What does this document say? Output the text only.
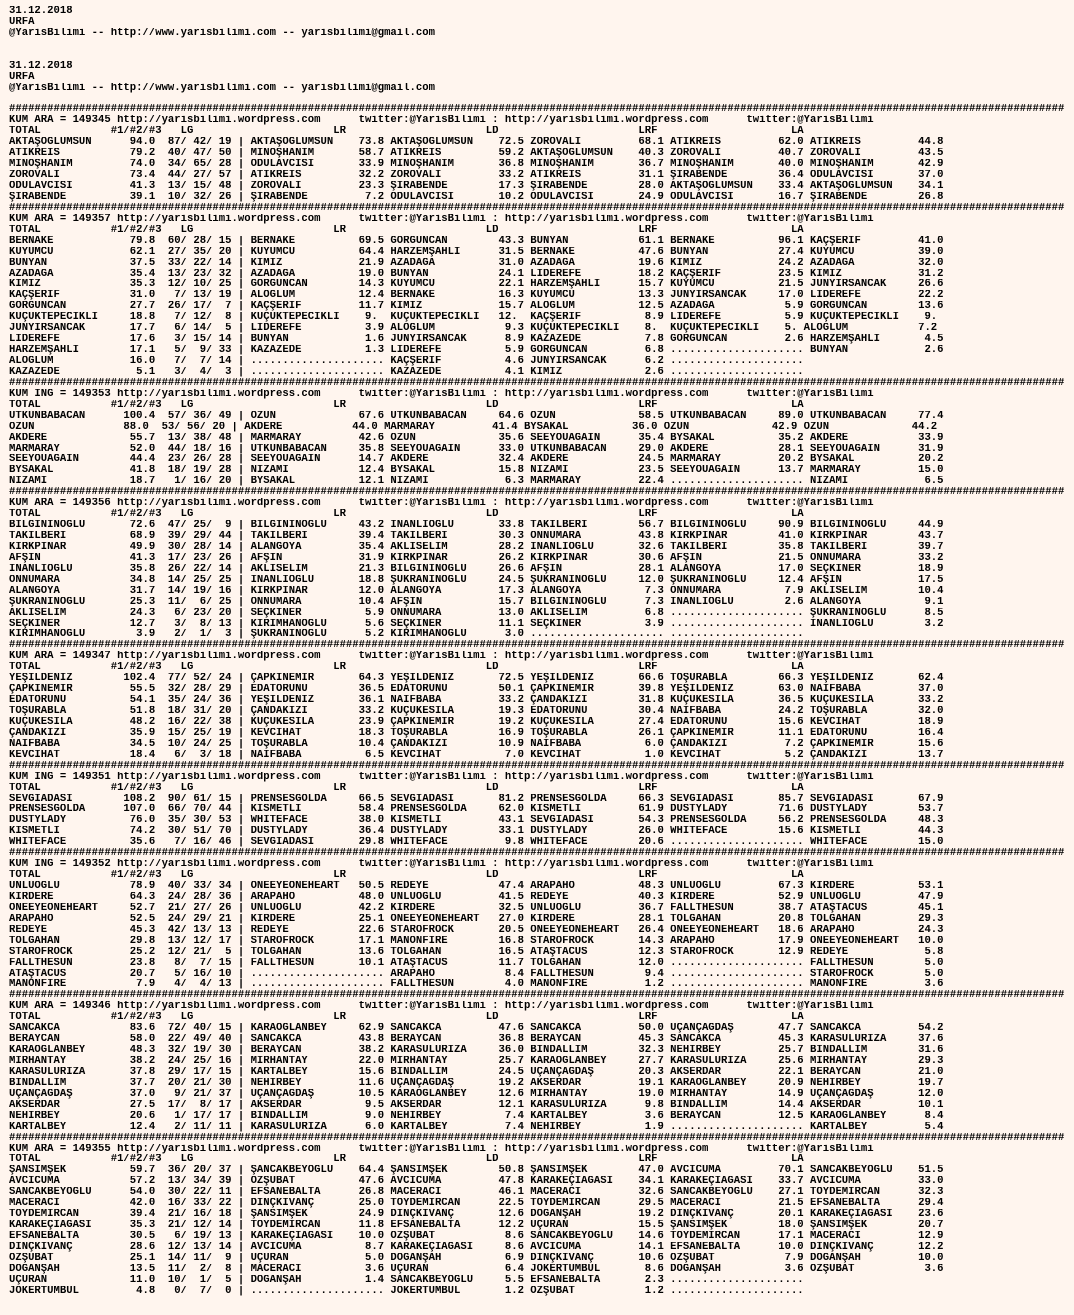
31.12.2018
URFA
@YarisBilimi -- http://www.yarisbilimi.com -- yarisbilimi@gmail.com
31.12.2018
URFA
@YarisBilimi -- http://www.yarisbilimi.com -- yarisbilimi@gmail.com
######################################################################################################################################################################
KUM ARA = 149345 http://yarisbilimi.wordpress.com      twitter:@YarisBilimi : http://yarisbilimi.wordpress.com      twitter:@YarisBilimi
TOTAL           #1/#2/#3   LG                      LR                      LD                      LRF                     LA
AKTAŞOĞLUMSUN      94.0  87/ 42/ 19 | AKTAŞOĞLUMSUN    73.8 AKTAŞOĞLUMSUN    72.5 ZOROVALI         68.1 ATIKREİS         62.0 ATIKREİS         44.8
ATIKREİS           79.2  40/ 47/ 50 | MİNOŞHANIM       58.7 ATIKREİS         59.2 AKTAŞOĞLUMSUN    40.3 ZOROVALI         40.7 ZOROVALI         43.5
MİNOŞHANIM         74.0  34/ 65/ 28 | ODULAVCISI       33.9 MİNOŞHANIM       36.8 MİNOŞHANIM       36.7 MİNOŞHANIM       40.0 MİNOŞHANIM       42.9
ZOROVALI           73.4  44/ 27/ 57 | ATIKREİS         32.2 ZOROVALI         33.2 ATIKREİS         31.1 ŞIRABENDE        36.4 ODULAVCISI       37.0
ODULAVCISI         41.3  13/ 15/ 48 | ZOROVALI         23.3 ŞIRABENDE        17.3 ŞIRABENDE        28.0 AKTAŞOĞLUMSUN    33.4 AKTAŞOĞLUMSUN    34.1
ŞIRABENDE          39.1  10/ 32/ 26 | ŞIRABENDE         7.2 ODULAVCISI       10.2 ODULAVCISI       24.9 ODULAVCISI       16.7 ŞIRABENDE        26.8
######################################################################################################################################################################
KUM ARA = 149357 http://yarisbilimi.wordpress.com      twitter:@YarisBilimi : http://yarisbilimi.wordpress.com      twitter:@YarisBilimi
TOTAL           #1/#2/#3   LG                      LR                      LD                      LRF                     LA
BERNAKE            79.8  60/ 28/ 15 | BERNAKE          69.5 GÖRGÜNCAN        43.3 BUNYAN           61.1 BERNAKE          96.1 KAÇŞERİF         41.0
KUYUMCU            62.1  27/ 35/ 20 | KUYUMCU          64.4 HARZEMŞAHLI      31.5 BERNAKE          47.6 BUNYAN           27.4 KUYUMCU          39.0
BUNYAN             37.5  33/ 22/ 14 | KIMIZ            21.9 AZADAĞA          31.0 AZADAĞA          19.6 KIMIZ            24.2 AZADAĞA          32.0
AZADAĞA            35.4  13/ 23/ 32 | AZADAĞA          19.0 BUNYAN           24.1 LİDEREFE         18.2 KAÇŞERİF         23.5 KIMIZ            31.2
KIMIZ              35.3  12/ 10/ 25 | GÖRGÜNCAN        14.3 KUYUMCU          22.1 HARZEMŞAHLI      15.7 KUYUMCU          21.5 JUNYIRSANCAK     26.6
KAÇŞERİF           31.0   7/ 13/ 19 | ALOGLUM          12.4 BERNAKE          16.3 KUYUMCU          13.3 JUNYIRSANCAK     17.0 LİDEREFE         22.2
GÖRGÜNCAN          27.7  26/ 17/  7 | KAÇŞERİF         11.7 KIMIZ            15.7 ALOGLUM          12.5 AZADAĞA           5.9 GÖRGÜNCAN        13.6
KÜÇÜKTEPECİKLİ     18.8   7/ 12/  8 | KÜÇÜKTEPECİKLİ    9.  KÜÇÜKTEPECİKLİ   12.  KAÇŞERİF          8.9 LİDEREFE          5.9 KÜÇÜKTEPECİKLİ    9.
JUNYIRSANCAK       17.7   6/ 14/  5 | LİDEREFE          3.9 ALOGLUM           9.3 KÜÇÜKTEPECİKLİ    8.  KÜÇÜKTEPECİKLİ    5. ALOGLUM           7.2
LİDEREFE           17.6   3/ 15/ 14 | BUNYAN            1.6 JUNYIRSANCAK      8.9 KAZAZEDE          7.8 GÖRGÜNCAN         2.6 HARZEMŞAHLI       4.5
HARZEMŞAHLI        17.1   5/  9/ 33 | KAZAZEDE          1.3 LİDEREFE          5.9 GÖRGÜNCAN         6.8 ..................... BUNYAN            2.6
ALOGLUM            16.0   7/  7/ 14 | ..................... KAÇŞERİF          4.6 JUNYIRSANCAK      6.2 .....................
KAZAZEDE            5.1   3/  4/  3 | ..................... KAZAZEDE          4.1 KIMIZ             2.6 .....................
######################################################################################################################################################################
KUM ING = 149353 http://yarisbilimi.wordpress.com      twitter:@YarisBilimi : http://yarisbilimi.wordpress.com      twitter:@YarisBilimi
TOTAL           #1/#2/#3   LG                      LR                      LD                      LRF                     LA
UTKUNBABACAN      100.4  57/ 36/ 49 | ÖZÜN             67.6 UTKUNBABACAN     64.6 ÖZÜN             58.5 UTKUNBABACAN     89.0 UTKUNBABACAN     77.4
ÖZÜN              88.0  53/ 56/ 20 | AKDERE           44.0 MARMARAY         41.4 BYSAKAL          36.0 ÖZÜN             42.9 ÖZÜN             44.2
AKDERE             55.7  13/ 38/ 48 | MARMARAY         42.6 ÖZÜN             35.6 SEEYOUAGAIN      35.4 BYSAKAL          35.2 AKDERE           33.9
MARMARAY           52.0  44/ 18/ 16 | UTKUNBABACAN     35.8 SEEYOUAGAIN      33.0 UTKUNBABACAN     29.0 AKDERE           28.1 SEEYOUAGAIN      31.9
SEEYOUAGAIN        44.4  23/ 26/ 28 | SEEYOUAGAIN      14.7 AKDERE           32.4 AKDERE           24.5 MARMARAY         20.2 BYSAKAL          20.2
BYSAKAL            41.8  18/ 19/ 28 | NİZAMİ           12.4 BYSAKAL          15.8 NİZAMİ           23.5 SEEYOUAGAIN      13.7 MARMARAY         15.0
NİZAMİ             18.7   1/ 16/ 20 | BYSAKAL          12.1 NİZAMİ            6.3 MARMARAY         22.4 ..................... NİZAMİ            6.5
######################################################################################################################################################################
KUM ARA = 149356 http://yarisbilimi.wordpress.com      twitter:@YarisBilimi : http://yarisbilimi.wordpress.com      twitter:@YarisBilimi
TOTAL           #1/#2/#3   LG                      LR                      LD                      LRF                     LA
BİLGİNİNOĞLU       72.6  47/ 25/  9 | BİLGİNİNOĞLU     43.2 İNANLIOĞLU       33.8 TAKILBERİ        56.7 BİLGİNİNOĞLU     90.9 BİLGİNİNOĞLU     44.9
TAKILBERİ          68.9  39/ 29/ 44 | TAKILBERİ        39.4 TAKILBERİ        30.3 ONNUMARA         43.8 KIRKPINAR        41.0 KIRKPINAR        43.7
KIRKPINAR          49.9  30/ 28/ 14 | ALANGOYA         35.4 AKLISELİM        28.2 İNANLIOĞLU       32.6 TAKILBERİ        35.8 TAKILBERİ        39.7
AFŞİN              41.3  17/ 23/ 26 | AFŞİN            31.9 KIRKPINAR        26.2 KIRKPINAR        30.6 AFŞİN            21.5 ONNUMARA         33.2
İNANLIOĞLU         35.8  26/ 22/ 14 | AKLISELİM        21.3 BİLGİNİNOĞLU     26.6 AFŞİN            28.1 ALANGOYA         17.0 SEÇKİNER         18.9
ONNUMARA           34.8  14/ 25/ 25 | İNANLIOĞLU       18.8 ŞÜKRANINOĞLU     24.5 ŞÜKRANINOĞLU     12.0 ŞÜKRANINOĞLU     12.4 AFŞİN            17.5
ALANGOYA           31.7  14/ 19/ 16 | KIRKPINAR        12.0 ALANGOYA         17.3 ALANGOYA          7.3 ONNUMARA          7.9 AKLISELİM        10.4
ŞÜKRANINOĞLU       25.3  11/  6/ 25 | ONNUMARA         10.4 AFŞİN            15.7 BİLGİNİNOĞLU      7.3 İNANLIOĞLU        2.6 ALANGOYA          9.1
AKLISELİM          24.3   6/ 23/ 20 | SEÇKİNER          5.9 ONNUMARA         13.0 AKLISELİM         6.8 ..................... ŞÜKRANINOĞLU      8.5
SEÇKİNER           12.7   3/  8/ 13 | KIRIMHANOĞLU      5.6 SEÇKİNER         11.1 SEÇKİNER          3.9 ..................... İNANLIOĞLU        3.2
KIRIMHANOĞLU        3.9   2/  1/  3 | ŞÜKRANINOĞLU      5.2 KIRIMHANOĞLU      3.0 ..................... .....................
######################################################################################################################################################################
KUM ARA = 149347 http://yarisbilimi.wordpress.com      twitter:@YarisBilimi : http://yarisbilimi.wordpress.com      twitter:@YarisBilimi
TOTAL           #1/#2/#3   LG                      LR                      LD                      LRF                     LA
YEŞİLDENİZ        102.4  77/ 52/ 24 | ÇAPKINEMİR       64.3 YEŞİLDENİZ       72.5 YEŞİLDENİZ       66.6 TOŞURABLA        66.3 YEŞİLDENİZ       62.4
ÇAPKINEMİR         55.5  32/ 28/ 29 | EDATORUNU        36.5 EDATORUNU        50.1 ÇAPKINEMİR       39.8 YEŞİLDENİZ       63.0 NAİFBABA         37.0
EDATORUNU          54.1  35/ 24/ 36 | YEŞİLDENİZ       36.1 NAİFBABA         33.2 ÇANDAKIZI        31.8 KÜÇÜKESİLA       36.5 KÜÇÜKESİLA       33.2
TOŞURABLA          51.8  18/ 31/ 20 | ÇANDAKIZI        33.2 KÜÇÜKESİLA       19.3 EDATORUNU        30.4 NAİFBABA         24.2 TOŞURABLA        32.0
KÜÇÜKESİLA         48.2  16/ 22/ 38 | KÜÇÜKESİLA       23.9 ÇAPKINEMİR       19.2 KÜÇÜKESİLA       27.4 EDATORUNU        15.6 KEVCİHAT         18.9
ÇANDAKIZI          35.9  15/ 25/ 19 | KEVCİHAT         18.3 TOŞURABLA        16.9 TOŞURABLA        26.1 ÇAPKINEMİR       11.1 EDATORUNU        16.4
NAİFBABA           34.5  10/ 24/ 25 | TOŞURABLA        10.4 ÇANDAKIZI        10.9 NAİFBABA          6.0 ÇANDAKIZI         7.2 ÇAPKINEMİR       15.6
KEVCİHAT           18.4   6/  3/ 18 | NAİFBABA          6.5 KEVCİHAT          7.0 KEVCİHAT          1.0 KEVCİHAT          5.2 ÇANDAKIZI        13.7
######################################################################################################################################################################
KUM ING = 149351 http://yarisbilimi.wordpress.com      twitter:@YarisBilimi : http://yarisbilimi.wordpress.com      twitter:@YarisBilimi
TOTAL           #1/#2/#3   LG                      LR                      LD                      LRF                     LA
SEVGİADASI        108.2  90/ 61/ 15 | PRENSESGOLDA     66.5 SEVGİADASI       81.2 PRENSESGOLDA     66.3 SEVGİADASI       85.7 SEVGİADASI       67.9
PRENSESGOLDA      107.0  66/ 70/ 44 | KISMETLİ         58.4 PRENSESGOLDA     62.0 KISMETLİ         61.9 DUSTYLADY        71.6 DUSTYLADY        53.7
DUSTYLADY          76.0  35/ 30/ 53 | WHITEFACE        38.0 KISMETLİ         43.1 SEVGİADASI       54.3 PRENSESGOLDA     56.2 PRENSESGOLDA     48.3
KISMETLİ           74.2  30/ 51/ 70 | DUSTYLADY        36.4 DUSTYLADY        33.1 DUSTYLADY        26.0 WHITEFACE        15.6 KISMETLİ         44.3
WHITEFACE          35.6   7/ 16/ 46 | SEVGİADASI       29.8 WHITEFACE         9.8 WHITEFACE        20.6 ..................... WHITEFACE        15.0
######################################################################################################################################################################
KUM ING = 149352 http://yarisbilimi.wordpress.com      twitter:@YarisBilimi : http://yarisbilimi.wordpress.com      twitter:@YarisBilimi
TOTAL           #1/#2/#3   LG                      LR                      LD                      LRF                     LA
ÜNLÜOĞLU           78.9  40/ 33/ 34 | ONEEYEONEHEART   50.5 REDEYE           47.4 ARAPAHO          48.3 ÜNLÜOĞLU         67.3 KIRDERE          53.1
KIRDERE            64.3  24/ 28/ 36 | ARAPAHO          48.0 ÜNLÜOĞLU         41.5 REDEYE           40.3 KIRDERE          52.9 ÜNLÜOĞLU         47.9
ONEEYEONEHEART     52.7  21/ 27/ 26 | ÜNLÜOĞLU         42.2 KIRDERE          32.5 ÜNLÜOĞLU         36.7 FALLTHESUN       38.7 ATAŞTACUS        45.1
ARAPAHO            52.5  24/ 29/ 21 | KIRDERE          25.1 ONEEYEONEHEART   27.0 KIRDERE          28.1 TOLGAHAN         20.8 TOLGAHAN         29.3
REDEYE             45.3  42/ 13/ 13 | REDEYE           22.6 STAROFROCK       20.5 ONEEYEONEHEART   26.4 ONEEYEONEHEART   18.6 ARAPAHO          24.3
TOLGAHAN           29.8  13/ 12/ 17 | STAROFROCK       17.1 MANONFIRE        16.8 STAROFROCK       14.3 ARAPAHO          17.9 ONEEYEONEHEART   10.0
STAROFROCK         25.2  12/ 21/  5 | TOLGAHAN         13.6 TOLGAHAN         16.5 ATAŞTACUS        12.3 STAROFROCK       12.9 REDEYE            5.8
FALLTHESUN         23.8   8/  7/ 15 | FALLTHESUN       10.1 ATAŞTACUS        11.7 TOLGAHAN         12.0 ..................... FALLTHESUN        5.0
ATAŞTACUS          20.7   5/ 16/ 10 | ..................... ARAPAHO           8.4 FALLTHESUN        9.4 ..................... STAROFROCK        5.0
MANONFIRE           7.9   4/  4/ 13 | ..................... FALLTHESUN        4.0 MANONFIRE         1.2 ..................... MANONFIRE         3.6
######################################################################################################################################################################
KUM ARA = 149346 http://yarisbilimi.wordpress.com      twitter:@YarisBilimi : http://yarisbilimi.wordpress.com      twitter:@YarisBilimi
TOTAL           #1/#2/#3   LG                      LR                      LD                      LRF                     LA
SANCAKCA           83.6  72/ 40/ 15 | KARAOĞLANBEY     62.9 SANCAKCA         47.6 SANCAKCA         50.0 UÇANÇAĞDAŞ       47.7 SANCAKCA         54.2
BERAYCAN           58.0  22/ 49/ 40 | SANCAKCA         43.8 BERAYCAN         36.8 BERAYCAN         45.3 SANCAKCA         45.3 KARASULURIZA     37.6
KARAOĞLANBEY       48.3  32/ 19/ 30 | BERAYCAN         38.2 KARASULURIZA     36.0 BİNDALLIM        32.3 NEHİRBEY         25.7 BİNDALLIM        31.6
MİRHANTAY          38.2  24/ 25/ 16 | MİRHANTAY        22.0 MİRHANTAY        25.7 KARAOĞLANBEY     27.7 KARASULURIZA     25.6 MİRHANTAY        29.3
KARASULURIZA       37.8  29/ 17/ 15 | KARTALBEY        15.6 BİNDALLIM        24.5 UÇANÇAĞDAŞ       20.3 AKSERDAR         22.1 BERAYCAN         21.0
BİNDALLIM          37.7  20/ 21/ 30 | NEHİRBEY         11.6 UÇANÇAĞDAŞ       19.2 AKSERDAR         19.1 KARAOĞLANBEY     20.9 NEHİRBEY         19.7
UÇANÇAĞDAŞ         37.0   9/ 21/ 37 | UÇANÇAĞDAŞ       10.5 KARAOĞLANBEY     12.6 MİRHANTAY        19.0 MİRHANTAY        14.9 UÇANÇAĞDAŞ       12.0
AKSERDAR           27.5  17/  8/ 17 | AKSERDAR          9.5 AKSERDAR         12.1 KARASULURIZA      9.8 BİNDALLIM        14.4 AKSERDAR         10.1
NEHİRBEY           20.6   1/ 17/ 17 | BİNDALLIM         9.0 NEHİRBEY          7.4 KARTALBEY         3.6 BERAYCAN         12.5 KARAOĞLANBEY      8.4
KARTALBEY          12.4   2/ 11/ 11 | KARASULURIZA      6.0 KARTALBEY         7.4 NEHİRBEY          1.9 ..................... KARTALBEY         5.4
######################################################################################################################################################################
KUM ARA = 149355 http://yarisbilimi.wordpress.com      twitter:@YarisBilimi : http://yarisbilimi.wordpress.com      twitter:@YarisBilimi
TOTAL           #1/#2/#3   LG                      LR                      LD                      LRF                     LA
ŞANSIMŞEK          59.7  36/ 20/ 37 | ŞANCAKBEYOĞLU    64.4 ŞANSIMŞEK        50.8 ŞANSIMŞEK        47.0 AVCICUMA         70.1 SANCAKBEYOĞLU    51.5
AVCICUMA           57.2  13/ 34/ 39 | ÖZŞUBAT          47.6 AVCICUMA         47.8 KARAKEÇİAĞASI    34.1 KARAKEÇİAĞASI    33.7 AVCICUMA         33.0
SANCAKBEYOĞLU      54.0  30/ 22/ 11 | EFSANEBALTA      26.8 MACERACI         46.1 MACERACI         32.6 SANCAKBEYOĞLU    27.1 TOYDEMİRCAN      32.3
MACERACI           42.0  16/ 33/ 22 | DİNÇKIVANÇ       25.0 TOYDEMİRCAN      22.5 TOYDEMİRCAN      29.5 MACERACI         21.5 EFSANEBALTA      29.4
TOYDEMİRCAN        39.4  21/ 16/ 18 | ŞANSIMŞEK        24.9 DİNÇKIVANÇ       12.6 DOĞANŞAH         19.2 DİNÇKIVANÇ       20.1 KARAKEÇİAĞASI    23.6
KARAKEÇİAĞASI      35.3  21/ 12/ 14 | TOYDEMİRCAN      11.8 EFSANEBALTA      12.2 UÇURAN           15.5 ŞANSIMŞEK        18.0 ŞANSIMŞEK        20.7
EFSANEBALTA        30.5   6/ 19/ 13 | KARAKEÇİAĞASI    10.0 ÖZŞUBAT           8.6 SANCAKBEYOĞLU    14.6 TOYDEMİRCAN      17.1 MACERACI         12.9
DİNÇKIVANÇ         28.6  12/ 13/ 14 | AVCICUMA          8.7 KARAKEÇİAĞASI     8.6 AVCICUMA         14.1 EFSANEBALTA      10.0 DİNÇKIVANÇ       12.2
ÖZŞUBAT            25.1  14/ 11/  9 | UÇURAN            5.0 DOĞANŞAH          6.9 DİNÇKIVANÇ       10.6 ÖZŞUBAT           7.9 DOĞANŞAH         10.0
DOĞANŞAH           13.5  11/  2/  8 | MACERACI          3.6 UÇURAN            6.4 JOKERTUMBUL       8.6 DOĞANŞAH          3.6 ÖZŞUBAT           3.6
UÇURAN             11.0  10/  1/  5 | DOĞANŞAH          1.4 SANCAKBEYOĞLU     5.5 EFSANEBALTA       2.3 .....................
JOKERTUMBUL         4.8   0/  7/  0 | ..................... JOKERTUMBUL       1.2 ÖZŞUBAT           1.2 .....................
